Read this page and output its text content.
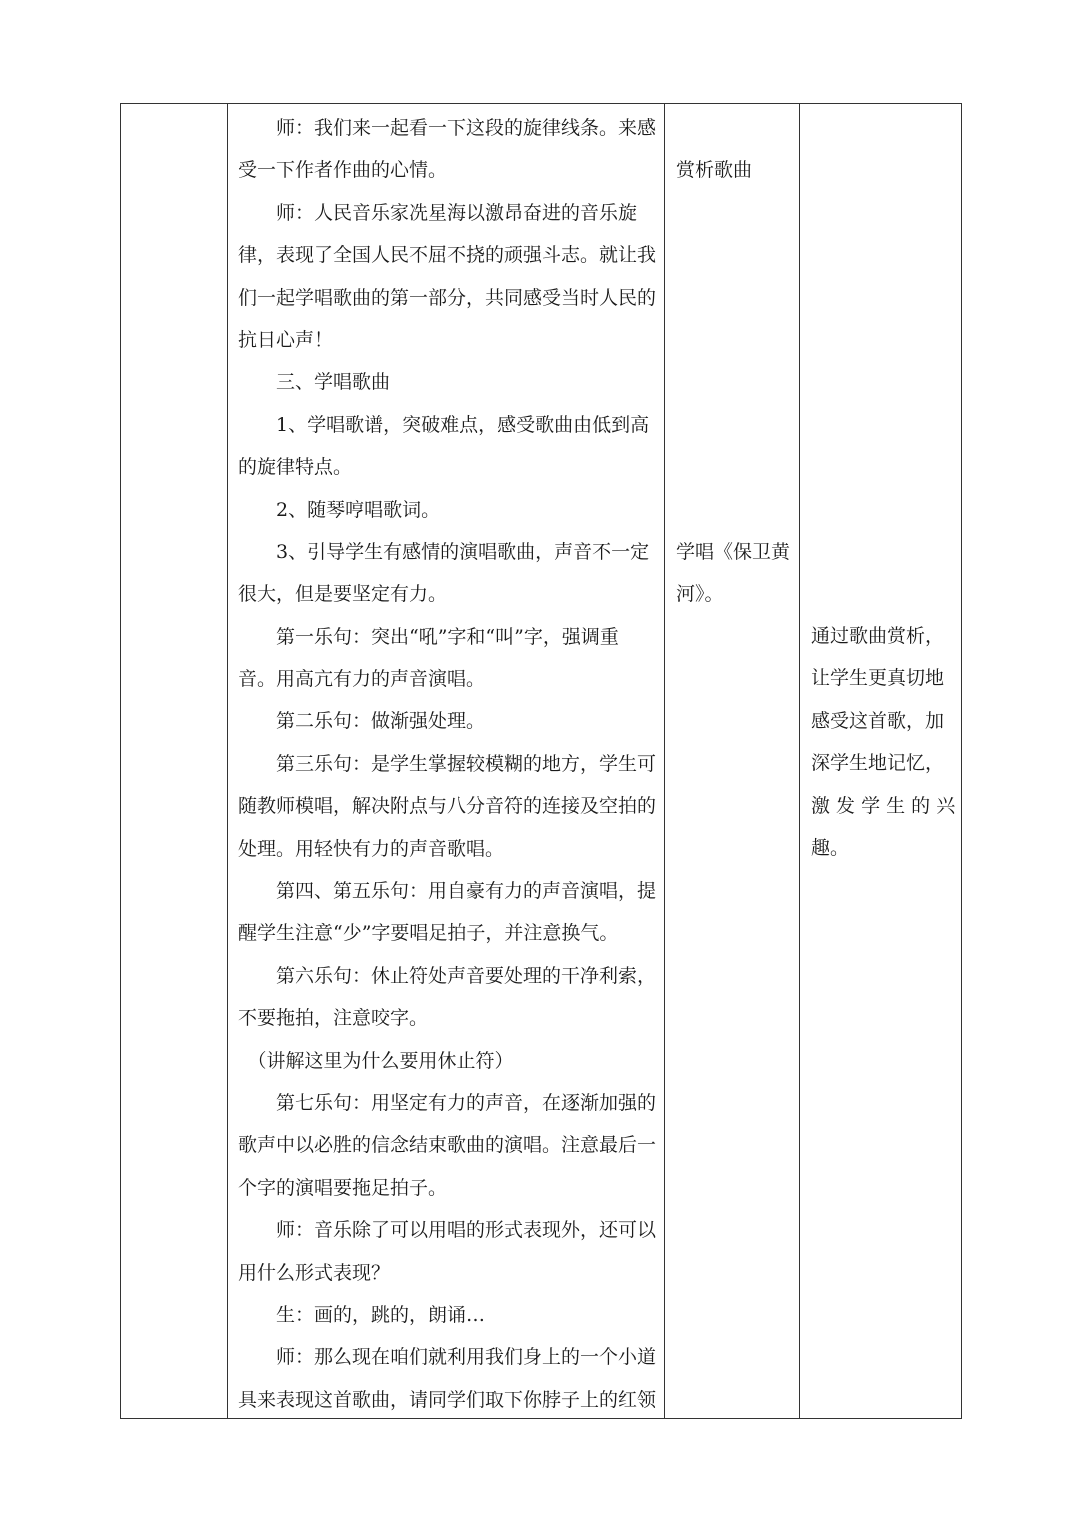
　　师：我们来一起看一下这段的旋律线条。来感
受一下作者作曲的心情。
　　师：人民音乐家冼星海以激昂奋进的音乐旋
律，表现了全国人民不屈不挠的顽强斗志。就让我
们一起学唱歌曲的第一部分，共同感受当时人民的
抗日心声！
　　三、学唱歌曲
　　1、学唱歌谱，突破难点，感受歌曲由低到高
的旋律特点。
　　2、随琴哼唱歌词。
　　3、引导学生有感情的演唱歌曲，声音不一定
很大，但是要坚定有力。
　　第一乐句：突出“吼”字和“叫”字，强调重
音。用高亢有力的声音演唱。
　　第二乐句：做渐强处理。
　　第三乐句：是学生掌握较模糊的地方，学生可
随教师模唱，解决附点与八分音符的连接及空拍的
处理。用轻快有力的声音歌唱。
　　第四、第五乐句：用自豪有力的声音演唱，提
醒学生注意“少”字要唱足拍子，并注意换气。
　　第六乐句：休止符处声音要处理的干净利索，
不要拖拍，注意咬字。
　（讲解这里为什么要用休止符）
　　第七乐句：用坚定有力的声音，在逐渐加强的
歌声中以必胜的信念结束歌曲的演唱。注意最后一
个字的演唱要拖足拍子。
　　师：音乐除了可以用唱的形式表现外，还可以
用什么形式表现？
　　生：画的，跳的，朗诵…
　　师：那么现在咱们就利用我们身上的一个小道
具来表现这首歌曲，请同学们取下你脖子上的红领
赏析歌曲
学唱《保卫黄
河》。
通过歌曲赏析，
让学生更真切地
感受这首歌，加
深学生地记忆，
激 发 学 生 的 兴
趣。
